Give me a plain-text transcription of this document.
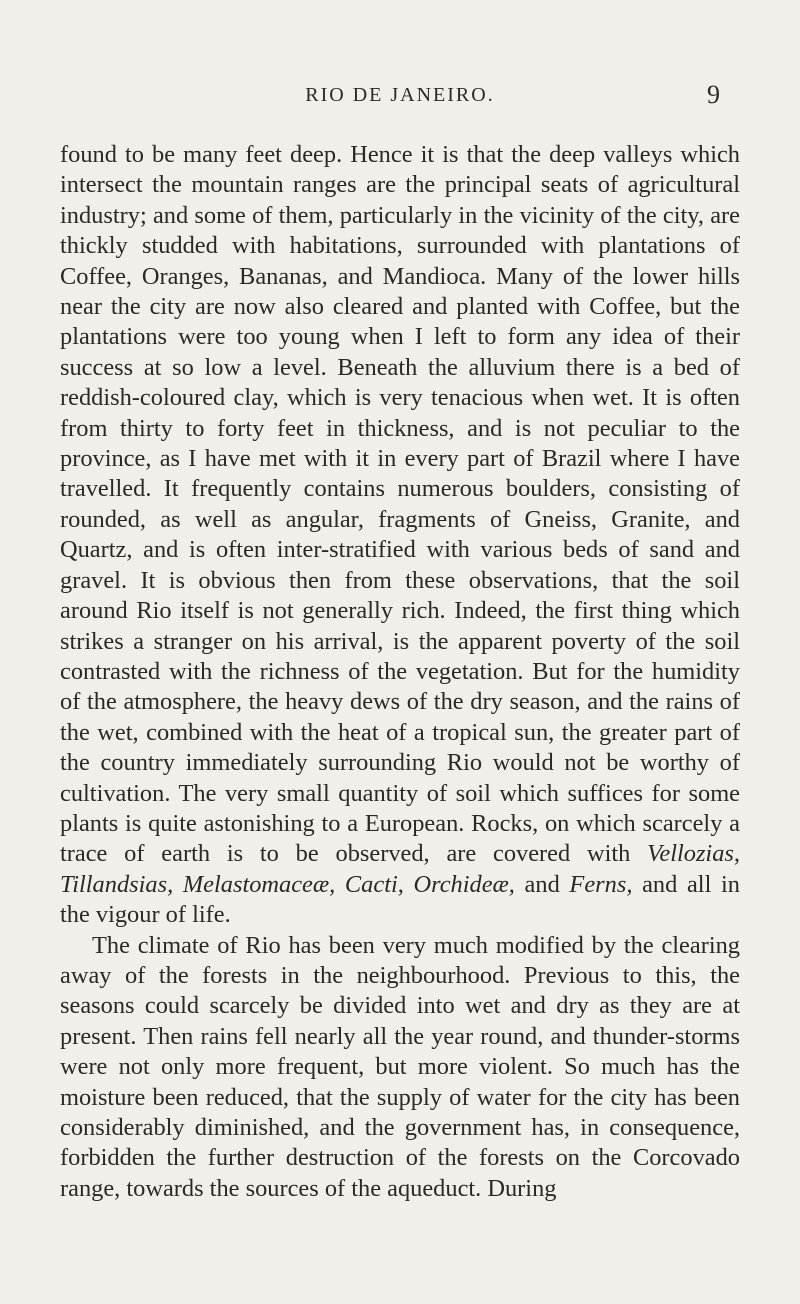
RIO DE JANEIRO.	9

found to be many feet deep. Hence it is that the deep valleys which intersect the mountain ranges are the principal seats of agricultural industry; and some of them, particularly in the vicinity of the city, are thickly studded with habitations, surrounded with plantations of Coffee, Oranges, Bananas, and Mandioca. Many of the lower hills near the city are now also cleared and planted with Coffee, but the plantations were too young when I left to form any idea of their success at so low a level. Beneath the alluvium there is a bed of reddish-coloured clay, which is very tenacious when wet. It is often from thirty to forty feet in thickness, and is not peculiar to the province, as I have met with it in every part of Brazil where I have travelled. It frequently contains numerous boulders, consisting of rounded, as well as angular, fragments of Gneiss, Granite, and Quartz, and is often inter-stratified with various beds of sand and gravel. It is obvious then from these observations, that the soil around Rio itself is not generally rich. Indeed, the first thing which strikes a stranger on his arrival, is the apparent poverty of the soil contrasted with the richness of the vegetation. But for the humidity of the atmosphere, the heavy dews of the dry season, and the rains of the wet, combined with the heat of a tropical sun, the greater part of the country immediately surrounding Rio would not be worthy of cultivation. The very small quantity of soil which suffices for some plants is quite astonishing to a European. Rocks, on which scarcely a trace of earth is to be observed, are covered with Vellozias, Tillandsias, Melastomaceæ, Cacti, Orchideæ, and Ferns, and all in the vigour of life.

The climate of Rio has been very much modified by the clearing away of the forests in the neighbourhood. Previous to this, the seasons could scarcely be divided into wet and dry as they are at present. Then rains fell nearly all the year round, and thunder-storms were not only more frequent, but more violent. So much has the moisture been reduced, that the supply of water for the city has been considerably diminished, and the government has, in consequence, forbidden the further destruction of the forests on the Corcovado range, towards the sources of the aqueduct. During
